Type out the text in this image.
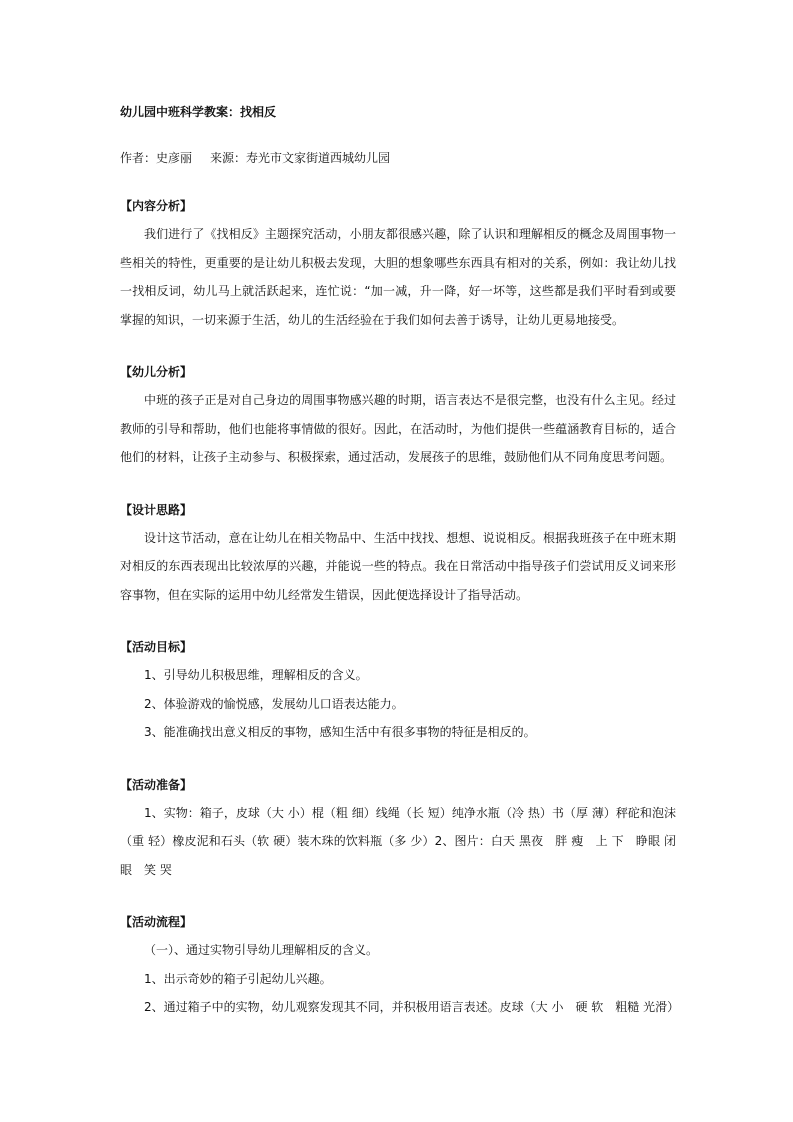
幼儿园中班科学教案：找相反
作者：史彦丽 来源：寿光市文家街道西城幼儿园
【内容分析】
我们进行了《找相反》主题探究活动，小朋友都很感兴趣，除了认识和理解相反的概念及周围事物一些相关的特性，更重要的是让幼儿积极去发现，大胆的想象哪些东西具有相对的关系，例如：我让幼儿找一找相反词，幼儿马上就活跃起来，连忙说：“加一减，升一降，好一坏等，这些都是我们平时看到或要掌握的知识，一切来源于生活，幼儿的生活经验在于我们如何去善于诱导，让幼儿更易地接受。
【幼儿分析】
中班的孩子正是对自己身边的周围事物感兴趣的时期，语言表达不是很完整，也没有什么主见。经过教师的引导和帮助，他们也能将事情做的很好。因此，在活动时，为他们提供一些蕴涵教育目标的，适合他们的材料，让孩子主动参与、积极探索，通过活动，发展孩子的思维，鼓励他们从不同角度思考问题。
【设计思路】
设计这节活动，意在让幼儿在相关物品中、生活中找找、想想、说说相反。根据我班孩子在中班末期对相反的东西表现出比较浓厚的兴趣，并能说一些的特点。我在日常活动中指导孩子们尝试用反义词来形容事物，但在实际的运用中幼儿经常发生错误，因此便选择设计了指导活动。
【活动目标】
1、引导幼儿积极思维，理解相反的含义。
2、体验游戏的愉悦感，发展幼儿口语表达能力。
3、能准确找出意义相反的事物，感知生活中有很多事物的特征是相反的。
【活动准备】
1、实物：箱子，皮球（大 小）棍（粗 细）线绳（长 短）纯净水瓶（冷 热）书（厚 薄）秤砣和泡沫（重 轻）橡皮泥和石头（软 硬）装木珠的饮料瓶（多 少）2、图片：白天 黑夜　胖 瘦　上 下　睁眼 闭眼　笑 哭
【活动流程】
（一）、通过实物引导幼儿理解相反的含义。
1、出示奇妙的箱子引起幼儿兴趣。
2、通过箱子中的实物，幼儿观察发现其不同，并积极用语言表述。皮球（大 小　硬 软　粗糙 光滑）
